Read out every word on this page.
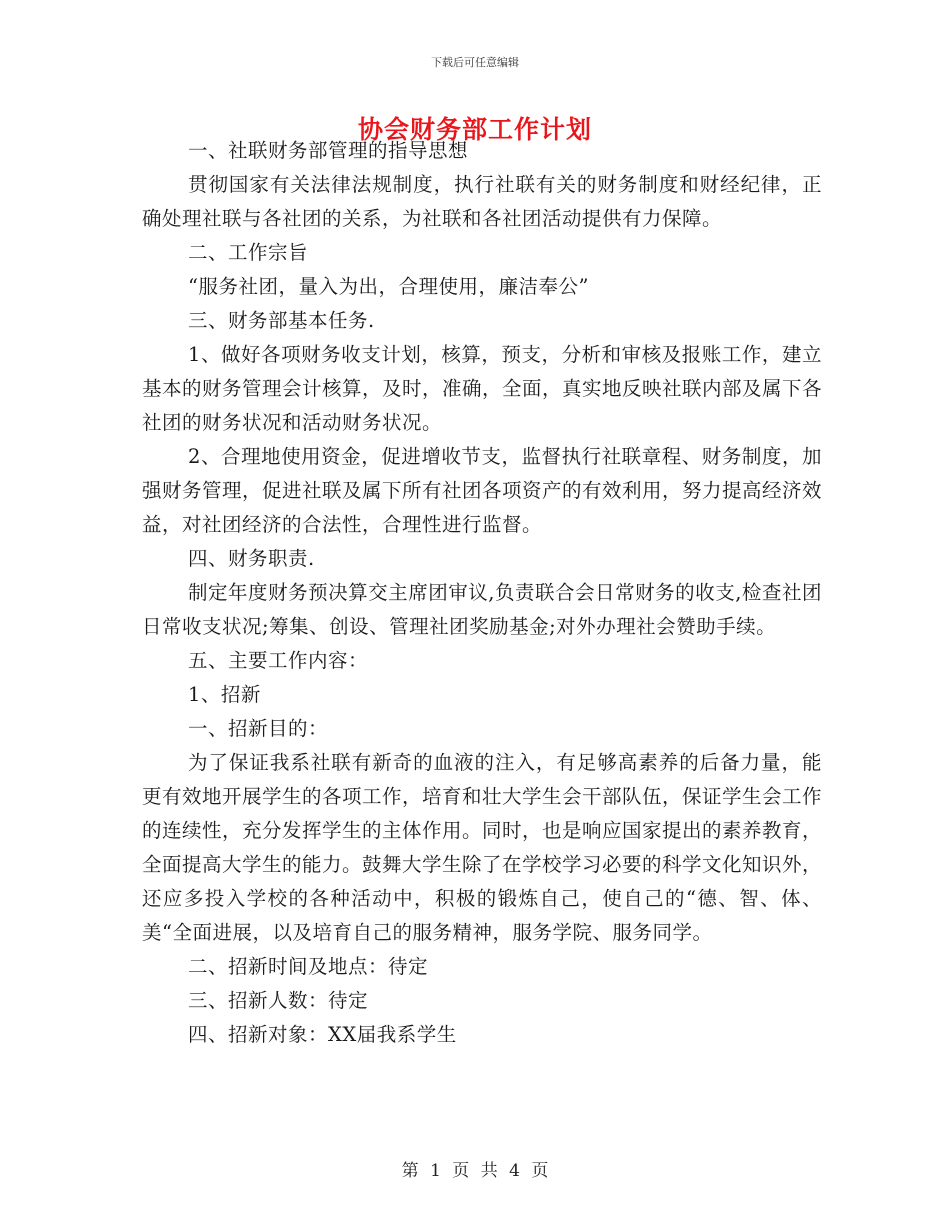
下载后可任意编辑
协会财务部工作计划

一、社联财务部管理的指导思想

贯彻国家有关法律法规制度，执行社联有关的财务制度和财经纪律，正确处理社联与各社团的关系，为社联和各社团活动提供有力保障。

二、工作宗旨

“服务社团，量入为出，合理使用，廉洁奉公”

三、财务部基本任务.

1、做好各项财务收支计划，核算，预支，分析和审核及报账工作，建立基本的财务管理会计核算，及时，准确，全面，真实地反映社联内部及属下各社团的财务状况和活动财务状况。

2、合理地使用资金，促进增收节支，监督执行社联章程、财务制度，加强财务管理，促进社联及属下所有社团各项资产的有效利用，努力提高经济效益，对社团经济的合法性，合理性进行监督。

四、财务职责.

制定年度财务预决算交主席团审议,负责联合会日常财务的收支,检查社团日常收支状况;筹集、创设、管理社团奖励基金;对外办理社会赞助手续。

五、主要工作内容：

1、招新

一、招新目的：

为了保证我系社联有新奇的血液的注入，有足够高素养的后备力量，能更有效地开展学生的各项工作，培育和壮大学生会干部队伍，保证学生会工作的连续性，充分发挥学生的主体作用。同时，也是响应国家提出的素养教育，全面提高大学生的能力。鼓舞大学生除了在学校学习必要的科学文化知识外，还应多投入学校的各种活动中，积极的锻炼自己，使自己的“德、智、体、美“全面进展，以及培育自己的服务精神，服务学院、服务同学。

二、招新时间及地点：待定

三、招新人数：待定

四、招新对象：XX届我系学生

第 1 页 共 4 页
